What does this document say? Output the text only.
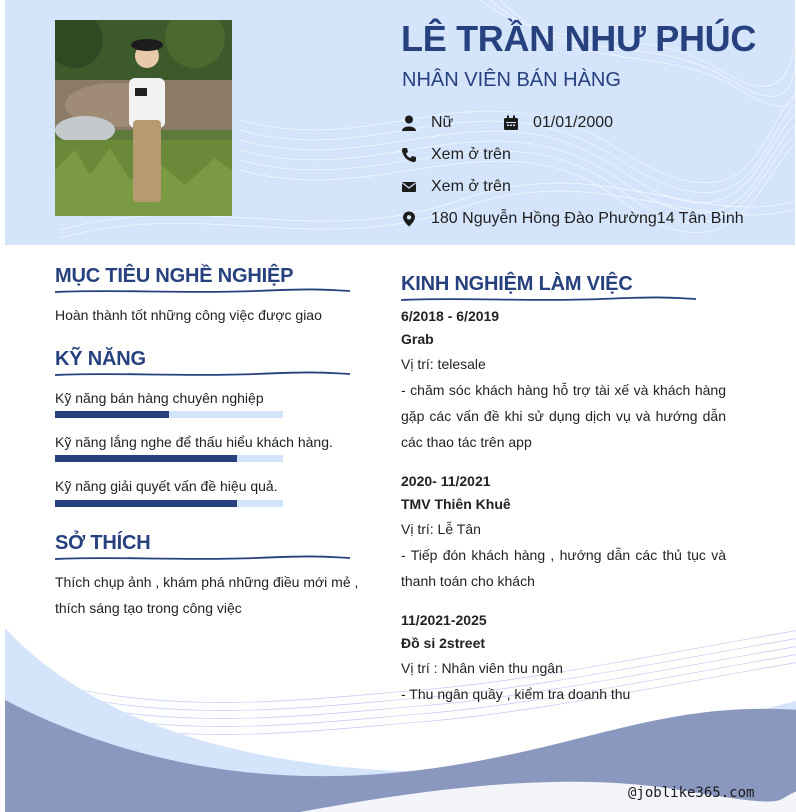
LÊ TRẦN NHƯ PHÚC
NHÂN VIÊN BÁN HÀNG
Nữ	01/01/2000
Xem ở trên
Xem ở trên
180 Nguyễn Hồng Đào Phường14 Tân Bình
MỤC TIÊU NGHỀ NGHIỆP
Hoàn thành tốt những công việc được giao
KỸ NĂNG
Kỹ năng bán hàng chuyên nghiệp
Kỹ năng lắng nghe để thấu hiểu khách hàng.
Kỹ năng giải quyết vấn đề hiệu quả.
SỞ THÍCH
Thích chụp ảnh , khám phá những điều mới mẻ , thích sáng tạo trong công việc
KINH NGHIỆM LÀM VIỆC
6/2018 - 6/2019
Grab
Vị trí: telesale
- chăm sóc khách hàng hỗ trợ tài xế và khách hàng gặp các vấn đề khi sử dụng dịch vụ và hướng dẫn các thao tác trên app
2020- 11/2021
TMV Thiên Khuê
Vị trí: Lễ Tân
- Tiếp đón khách hàng , hướng dẫn các thủ tục và thanh toán cho khách
11/2021-2025
Đồ si 2street
Vị trí : Nhân viên thu ngân
- Thu ngân quầy , kiểm tra doanh thu
@joblike365.com
